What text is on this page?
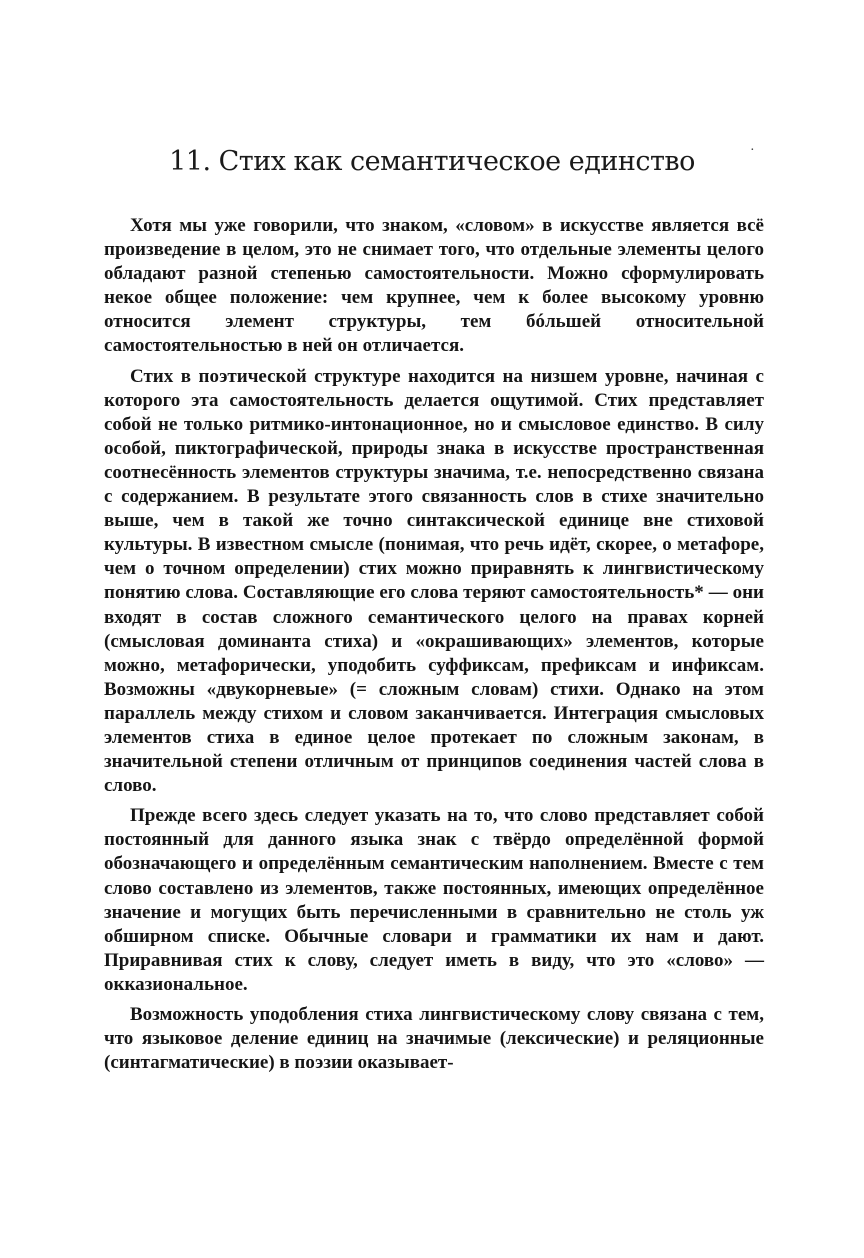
11. Стих как семантическое единство	·

Хотя мы уже говорили, что знаком, «словом» в искусстве является всё произведение в целом, это не снимает того, что отдельные элементы целого обладают разной степенью самостоятельности. Можно сформулировать некое общее положение: чем крупнее, чем к более высокому уровню относится элемент структуры, тем бóльшей относительной самостоятельностью в ней он отличается.

Стих в поэтической структуре находится на низшем уровне, начиная с которого эта самостоятельность делается ощутимой. Стих представляет собой не только ритмико-интонационное, но и смысловое единство. В силу особой, пиктографической, природы знака в искусстве пространственная соотнесённость элементов структуры значима, т.е. непосредственно связана с содержанием. В результате этого связанность слов в стихе значительно выше, чем в такой же точно синтаксической единице вне стиховой культуры. В известном смысле (понимая, что речь идёт, скорее, о метафоре, чем о точном определении) стих можно приравнять к лингвистическому понятию слова. Составляющие его слова теряют самостоятельность* — они входят в состав сложного семантического целого на правах корней (смысловая доминанта стиха) и «окрашивающих» элементов, которые можно, метафорически, уподобить суффиксам, префиксам и инфиксам. Возможны «двукорневые» (= сложным словам) стихи. Однако на этом параллель между стихом и словом заканчивается. Интеграция смысловых элементов стиха в единое целое протекает по сложным законам, в значительной степени отличным от принципов соединения частей слова в слово.

Прежде всего здесь следует указать на то, что слово представляет собой постоянный для данного языка знак с твёрдо определённой формой обозначающего и определённым семантическим наполнением. Вместе с тем слово составлено из элементов, также постоянных, имеющих определённое значение и могущих быть перечисленными в сравнительно не столь уж обширном списке. Обычные словари и грамматики их нам и дают. Приравнивая стих к слову, следует иметь в виду, что это «слово» — окказиональное.

Возможность уподобления стиха лингвистическому слову связана с тем, что языковое деление единиц на значимые (лексические) и реляционные (синтагматические) в поэзии оказывает-
